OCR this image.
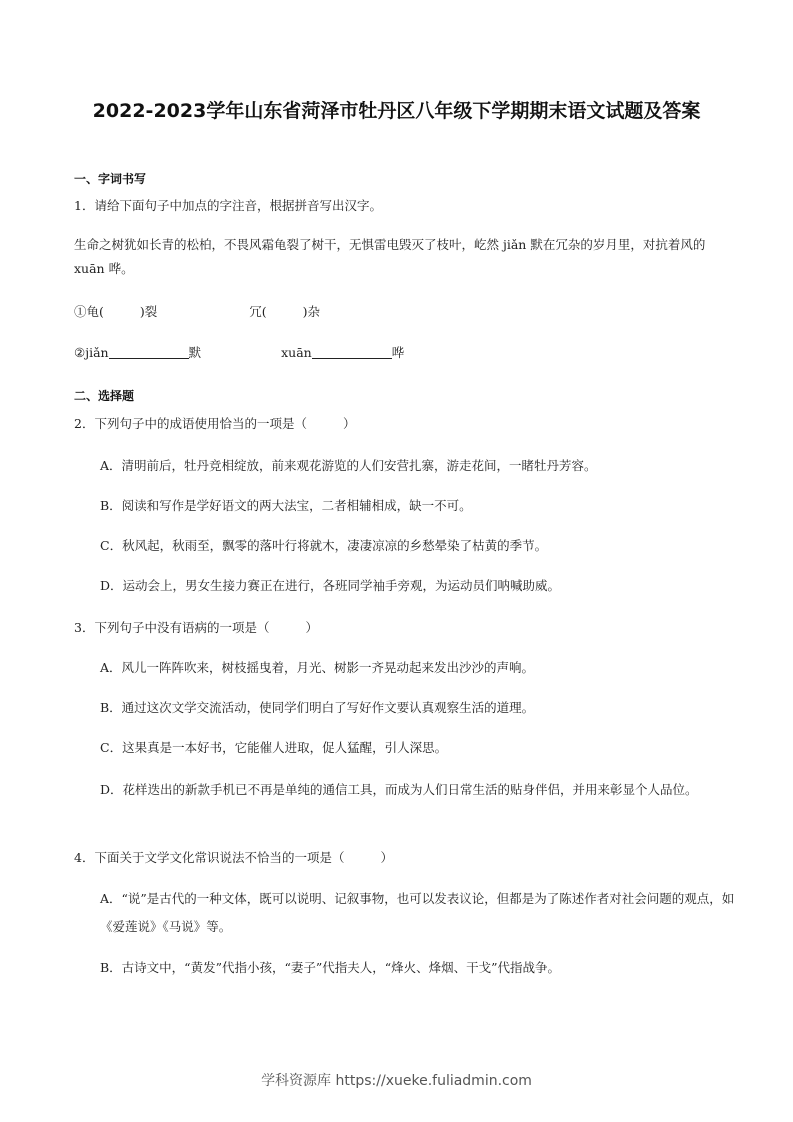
2022-2023学年山东省菏泽市牡丹区八年级下学期期末语文试题及答案
一、字词书写
1．请给下面句子中加点的字注音，根据拼音写出汉字。
生命之树犹如长青的松柏，不畏风霜龟裂了树干，无惧雷电毁灭了枝叶，屹然 jiǎn 默在冗杂的岁月里，对抗着风的 xuān 哗。
①龟(	)裂	冗(	)杂
②jiǎn	默	xuān	哗
二、选择题
2．下列句子中的成语使用恰当的一项是（	）
A．清明前后，牡丹竞相绽放，前来观花游览的人们安营扎寨，游走花间，一睹牡丹芳容。
B．阅读和写作是学好语文的两大法宝，二者相辅相成，缺一不可。
C．秋风起，秋雨至，飘零的落叶行将就木，凄凄凉凉的乡愁晕染了枯黄的季节。
D．运动会上，男女生接力赛正在进行，各班同学袖手旁观，为运动员们呐喊助威。
3．下列句子中没有语病的一项是（	）
A．风儿一阵阵吹来，树枝摇曳着，月光、树影一齐晃动起来发出沙沙的声响。
B．通过这次文学交流活动，使同学们明白了写好作文要认真观察生活的道理。
C．这果真是一本好书，它能催人进取，促人猛醒，引人深思。
D．花样迭出的新款手机已不再是单纯的通信工具，而成为人们日常生活的贴身伴侣，并用来彰显个人品位。
4．下面关于文学文化常识说法不恰当的一项是（	）
A．“说”是古代的一种文体，既可以说明、记叙事物，也可以发表议论，但都是为了陈述作者对社会问题的观点，如《爱莲说》《马说》等。
B．古诗文中，“黄发”代指小孩，“妻子”代指夫人，“烽火、烽烟、干戈”代指战争。
学科资源库 https://xueke.fuliadmin.com
